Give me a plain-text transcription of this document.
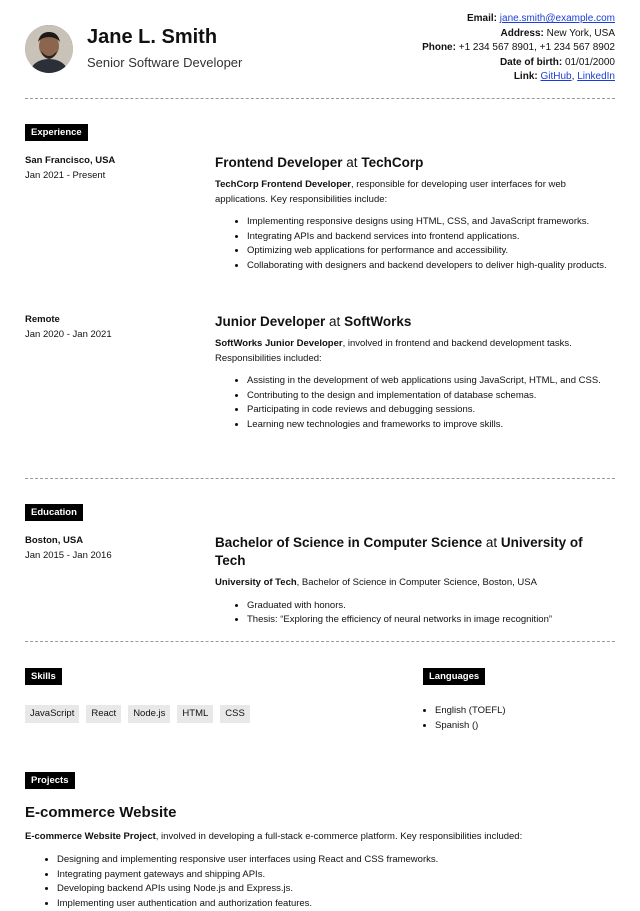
Jane L. Smith
Senior Software Developer
Email: jane.smith@example.com
Address: New York, USA
Phone: +1 234 567 8901, +1 234 567 8902
Date of birth: 01/01/2000
Link: GitHub, LinkedIn
Experience
San Francisco, USA
Jan 2021 - Present
Frontend Developer at TechCorp
TechCorp Frontend Developer, responsible for developing user interfaces for web applications. Key responsibilities include:
• Implementing responsive designs using HTML, CSS, and JavaScript frameworks.
• Integrating APIs and backend services into frontend applications.
• Optimizing web applications for performance and accessibility.
• Collaborating with designers and backend developers to deliver high-quality products.
Remote
Jan 2020 - Jan 2021
Junior Developer at SoftWorks
SoftWorks Junior Developer, involved in frontend and backend development tasks. Responsibilities included:
• Assisting in the development of web applications using JavaScript, HTML, and CSS.
• Contributing to the design and implementation of database schemas.
• Participating in code reviews and debugging sessions.
• Learning new technologies and frameworks to improve skills.
Education
Boston, USA
Jan 2015 - Jan 2016
Bachelor of Science in Computer Science at University of Tech
University of Tech, Bachelor of Science in Computer Science, Boston, USA
• Graduated with honors.
• Thesis: “Exploring the efficiency of neural networks in image recognition”
Skills
JavaScript	React	Node.js	HTML	CSS
Languages
• English (TOEFL)
• Spanish ()
Projects
E-commerce Website
E-commerce Website Project, involved in developing a full-stack e-commerce platform. Key responsibilities included:
• Designing and implementing responsive user interfaces using React and CSS frameworks.
• Integrating payment gateways and shipping APIs.
• Developing backend APIs using Node.js and Express.js.
• Implementing user authentication and authorization features.
